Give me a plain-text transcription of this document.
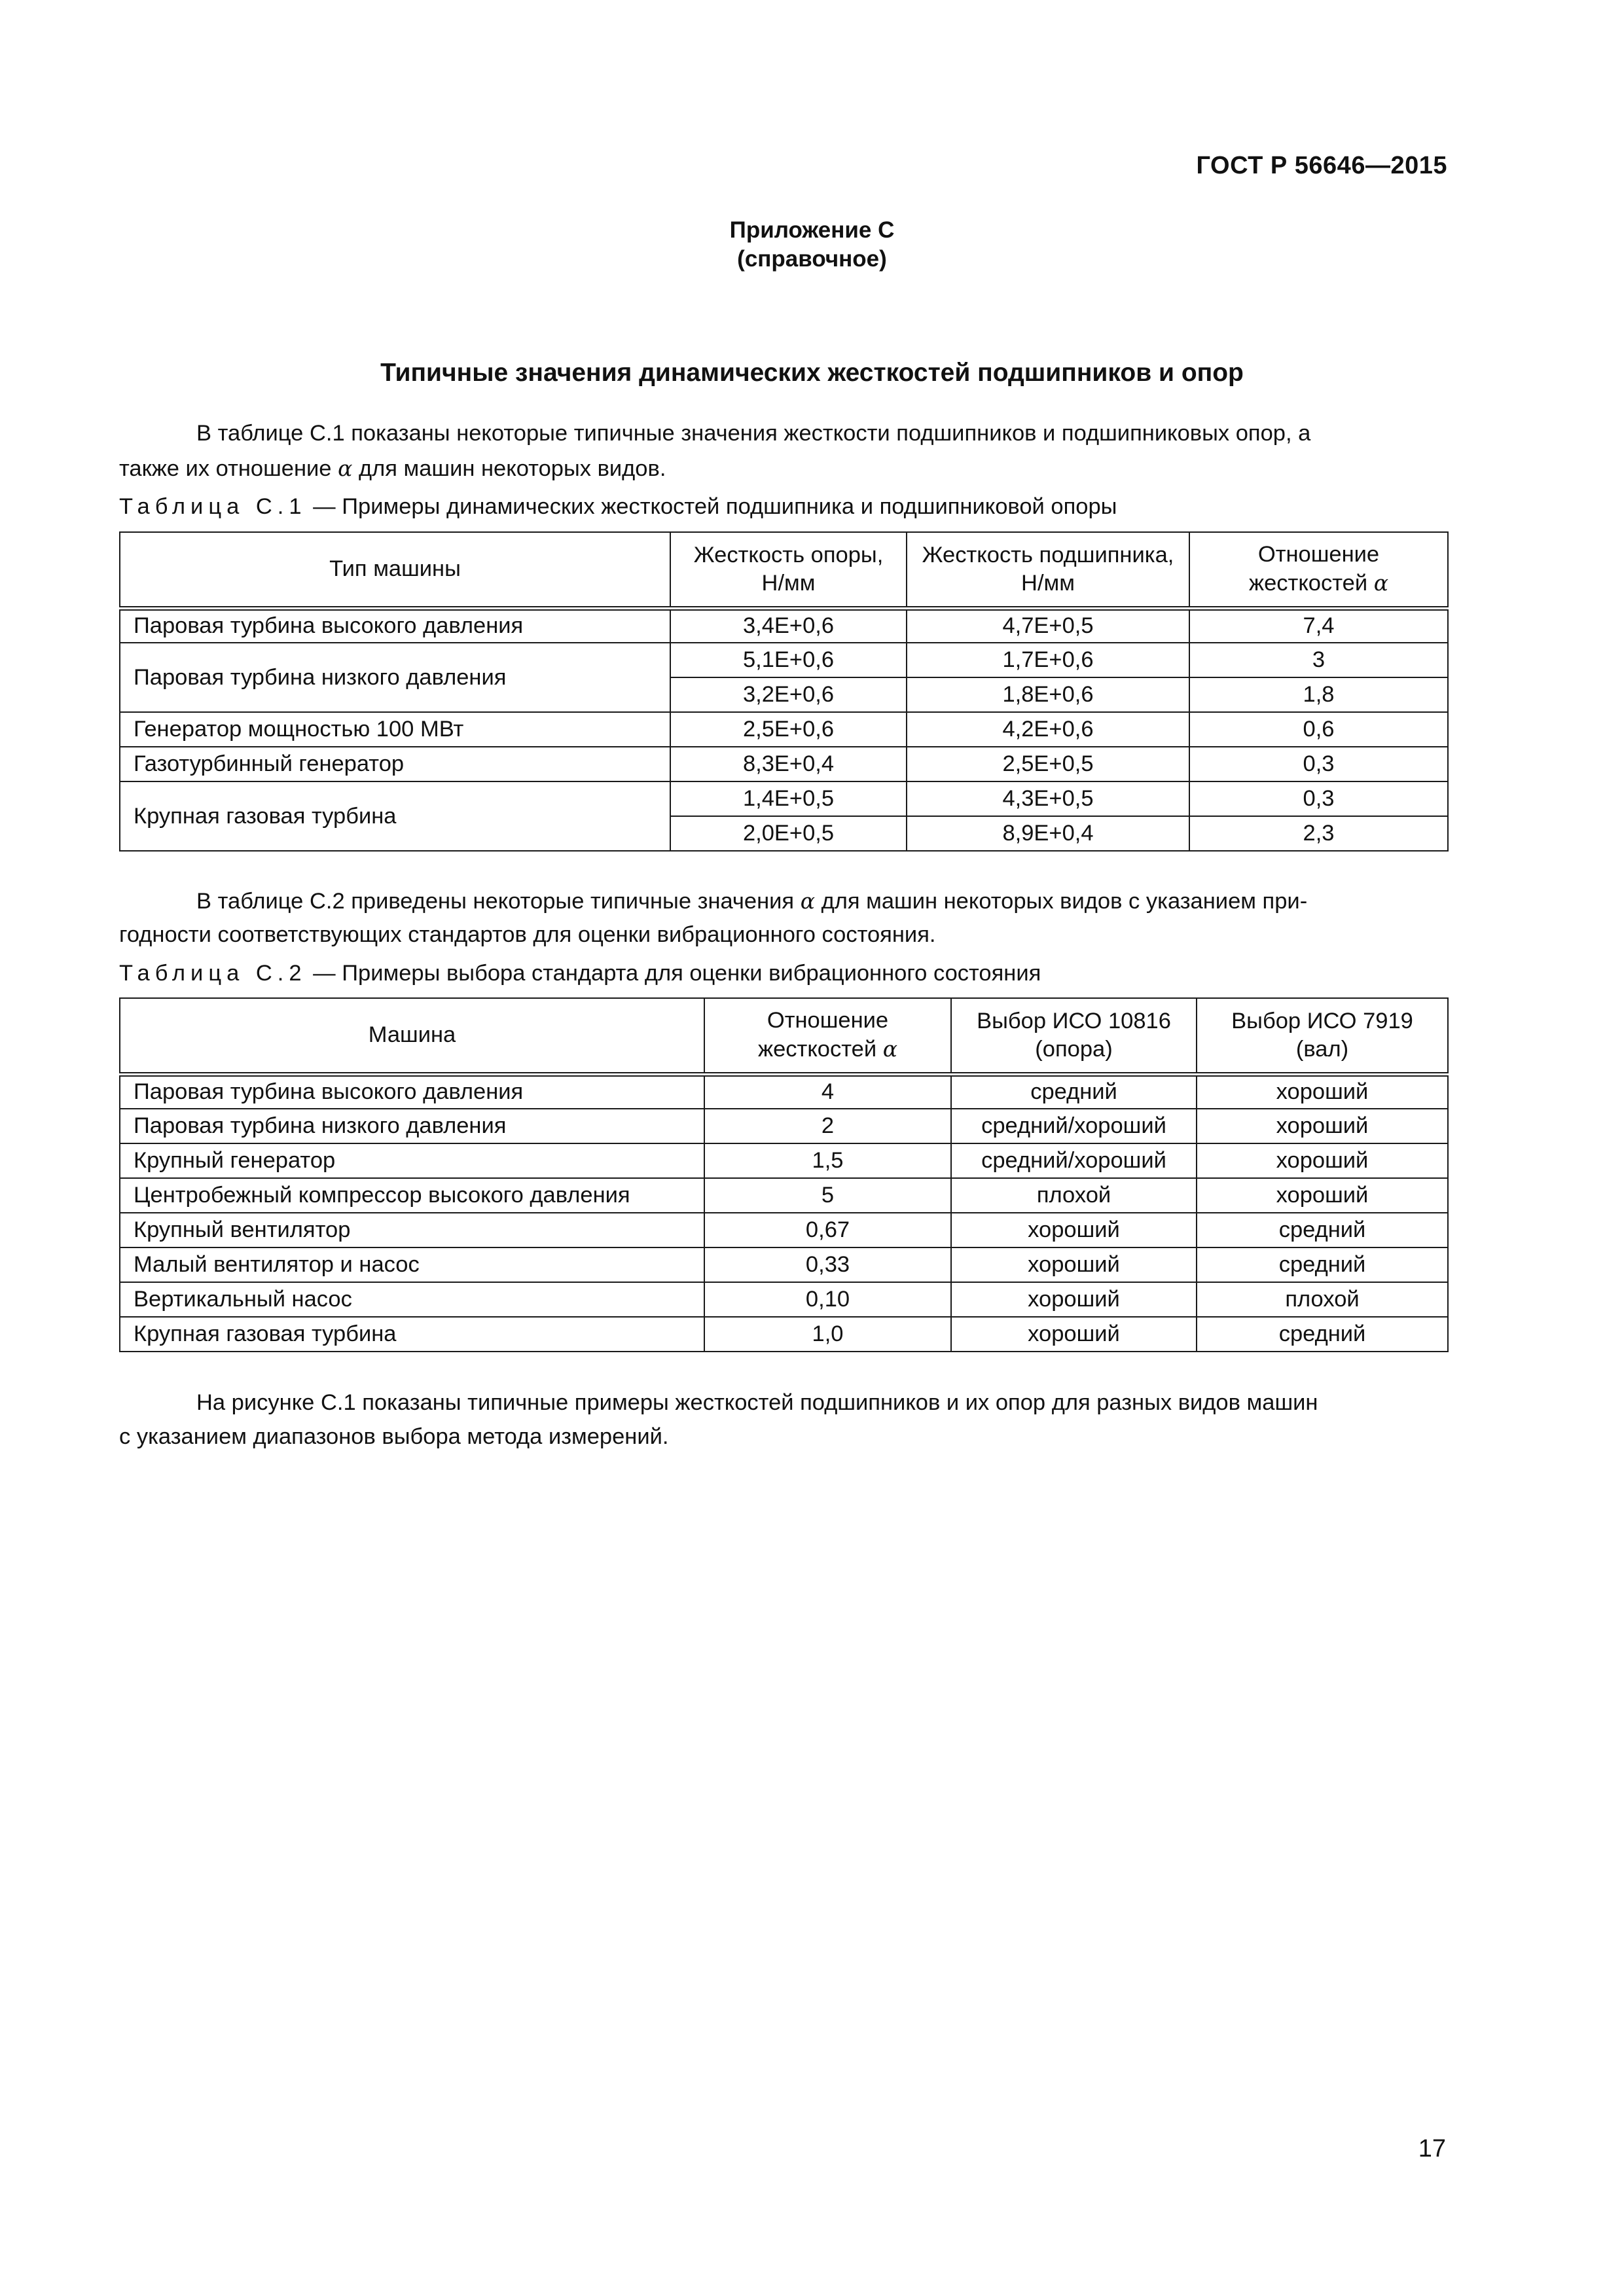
ГОСТ Р 56646—2015
Приложение С
(справочное)
Типичные значения динамических жесткостей подшипников и опор
В таблице С.1 показаны некоторые типичные значения жесткости подшипников и подшипниковых опор, а
также их отношение α для машин некоторых видов.
Таблица С.1 — Примеры динамических жесткостей подшипника и подшипниковой опоры
Тип машины	Жесткость опоры, Н/мм	Жесткость подшипника, Н/мм	Отношение жесткостей α
Паровая турбина высокого давления	3,4E+0,6	4,7E+0,5	7,4
Паровая турбина низкого давления	5,1E+0,6	1,7E+0,6	3
	3,2E+0,6	1,8E+0,6	1,8
Генератор мощностью 100 МВт	2,5E+0,6	4,2E+0,6	0,6
Газотурбинный генератор	8,3E+0,4	2,5E+0,5	0,3
Крупная газовая турбина	1,4E+0,5	4,3E+0,5	0,3
	2,0E+0,5	8,9E+0,4	2,3
В таблице С.2 приведены некоторые типичные значения α для машин некоторых видов с указанием при-
годности соответствующих стандартов для оценки вибрационного состояния.
Таблица С.2 — Примеры выбора стандарта для оценки вибрационного состояния
Машина	Отношение жесткостей α	Выбор ИСО 10816 (опора)	Выбор ИСО 7919 (вал)
Паровая турбина высокого давления	4	средний	хороший
Паровая турбина низкого давления	2	средний/хороший	хороший
Крупный генератор	1,5	средний/хороший	хороший
Центробежный компрессор высокого давления	5	плохой	хороший
Крупный вентилятор	0,67	хороший	средний
Малый вентилятор и насос	0,33	хороший	средний
Вертикальный насос	0,10	хороший	плохой
Крупная газовая турбина	1,0	хороший	средний
На рисунке С.1 показаны типичные примеры жесткостей подшипников и их опор для разных видов машин
с указанием диапазонов выбора метода измерений.
17
